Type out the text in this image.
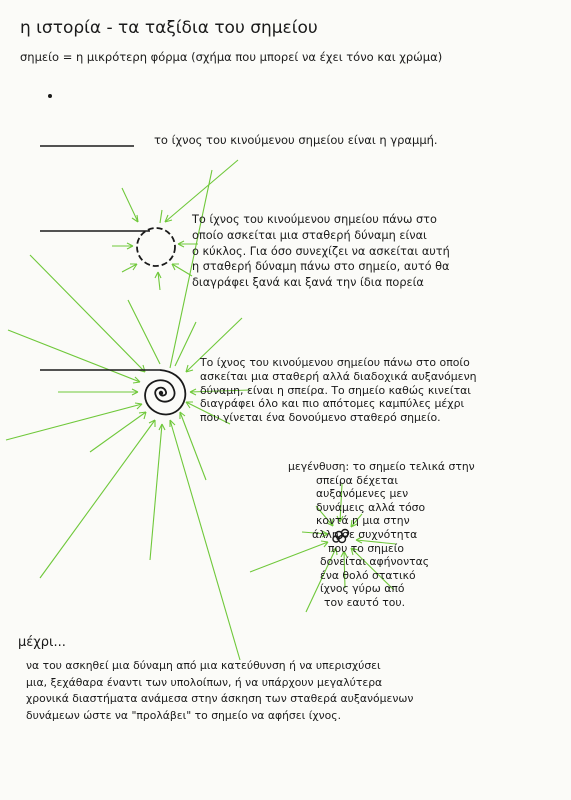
η ιστορία - τα ταξίδια του σημείου
σημείο = η μικρότερη φόρμα (σχήμα που μπορεί να έχει τόνο και χρώμα)
το ίχνος του κινούμενου σημείου είναι η γραμμή.
Το ίχνος του κινούμενου σημείου πάνω στο
οποίο ασκείται μια σταθερή δύναμη είναι
ο κύκλος. Για όσο συνεχίζει να ασκείται αυτή
η σταθερή δύναμη πάνω στο σημείο, αυτό θα
διαγράφει ξανά και ξανά την ίδια πορεία
Το ίχνος του κινούμενου σημείου πάνω στο οποίο
ασκείται μια σταθερή αλλά διαδοχικά αυξανόμενη
δύναμη, είναι η σπείρα. Το σημείο καθώς κινείται
διαγράφει όλο και πιο απότομες καμπύλες μέχρι
που γίνεται ένα δονούμενο σταθερό σημείο.
μεγένθυση: το σημείο τελικά στην
σπείρα δέχεται
αυξανόμενες μεν
δυνάμεις αλλά τόσο
κοντά η μια στην
άλλη σε συχνότητα
που το σημείο
δονείται αφήνοντας
ένα θολό στατικό
ίχνος γύρω από
τον εαυτό του.
μέχρι...
να του ασκηθεί μια δύναμη από μια κατεύθυνση ή να υπερισχύσει
μια, ξεχάθαρα έναντι των υπολοίπων, ή να υπάρχουν μεγαλύτερα
χρονικά διαστήματα ανάμεσα στην άσκηση των σταθερά αυξανόμενων
δυνάμεων ώστε να "προλάβει" το σημείο να αφήσει ίχνος.
